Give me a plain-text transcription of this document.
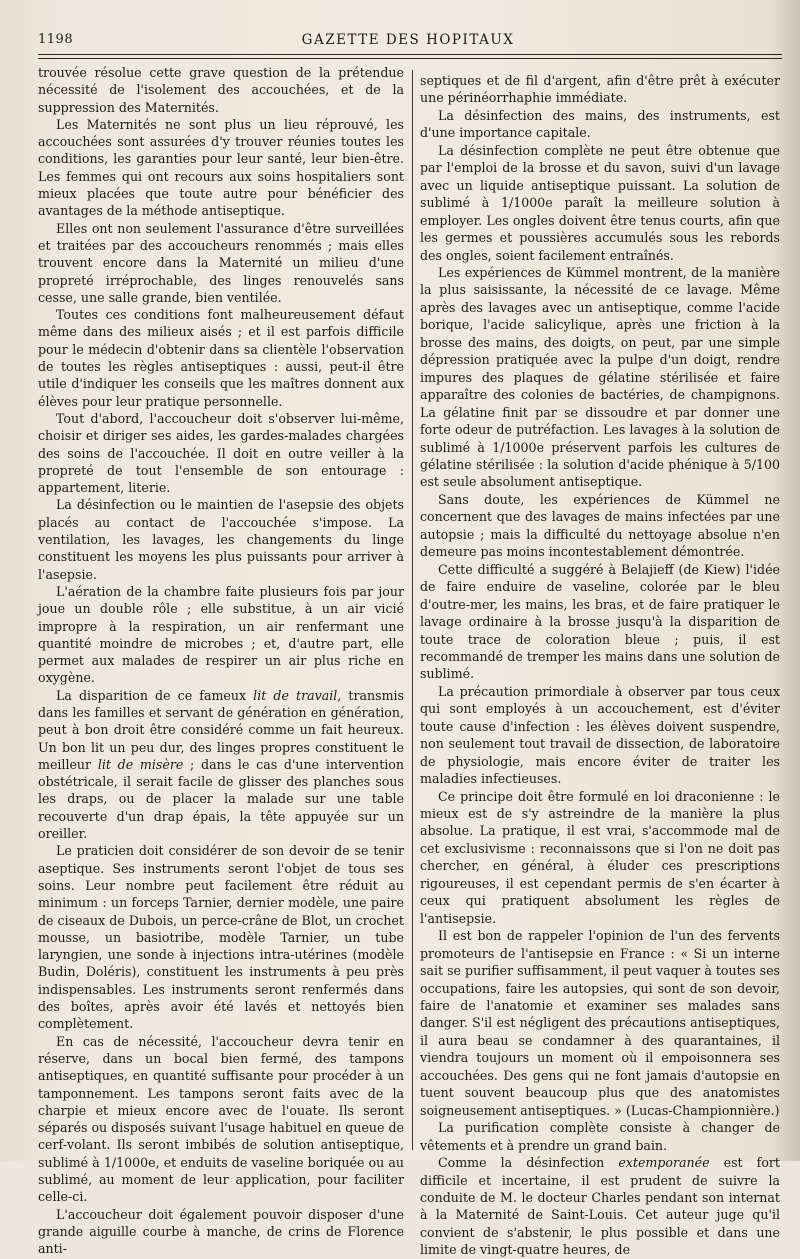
1198	GAZETTE DES HOPITAUX

trouvée résolue cette grave question de la prétendue nécessité de l'isolement des accouchées, et de la suppression des Maternités.

Les Maternités ne sont plus un lieu réprouvé, les accouchées sont assurées d'y trouver réunies toutes les conditions, les garanties pour leur santé, leur bien-être. Les femmes qui ont recours aux soins hospitaliers sont mieux placées que toute autre pour bénéficier des avantages de la méthode antiseptique.

Elles ont non seulement l'assurance d'être surveillées et traitées par des accoucheurs renommés ; mais elles trouvent encore dans la Maternité un milieu d'une propreté irréprochable, des linges renouvelés sans cesse, une salle grande, bien ventilée.

Toutes ces conditions font malheureusement défaut même dans des milieux aisés ; et il est parfois difficile pour le médecin d'obtenir dans sa clientèle l'observation de toutes les règles antiseptiques : aussi, peut-il être utile d'indiquer les conseils que les maîtres donnent aux élèves pour leur pratique personnelle.

Tout d'abord, l'accoucheur doit s'observer lui-même, choisir et diriger ses aides, les gardes-malades chargées des soins de l'accouchée. Il doit en outre veiller à la propreté de tout l'ensemble de son entourage : appartement, literie.

La désinfection ou le maintien de l'asepsie des objets placés au contact de l'accouchée s'impose. La ventilation, les lavages, les changements du linge constituent les moyens les plus puissants pour arriver à l'asepsie.

L'aération de la chambre faite plusieurs fois par jour joue un double rôle ; elle substitue, à un air vicié impropre à la respiration, un air renfermant une quantité moindre de microbes ; et, d'autre part, elle permet aux malades de respirer un air plus riche en oxygène.

La disparition de ce fameux lit de travail, transmis dans les familles et servant de génération en génération, peut à bon droit être considéré comme un fait heureux. Un bon lit un peu dur, des linges propres constituent le meilleur lit de misère ; dans le cas d'une intervention obstétricale, il serait facile de glisser des planches sous les draps, ou de placer la malade sur une table recouverte d'un drap épais, la tête appuyée sur un oreiller.

Le praticien doit considérer de son devoir de se tenir aseptique. Ses instruments seront l'objet de tous ses soins. Leur nombre peut facilement être réduit au minimum : un forceps Tarnier, dernier modèle, une paire de ciseaux de Dubois, un perce-crâne de Blot, un crochet mousse, un basiotribe, modèle Tarnier, un tube laryngien, une sonde à injections intra-utérines (modèle Budin, Doléris), constituent les instruments à peu près indispensables. Les instruments seront renfermés dans des boîtes, après avoir été lavés et nettoyés bien complètement.

En cas de nécessité, l'accoucheur devra tenir en réserve, dans un bocal bien fermé, des tampons antiseptiques, en quantité suffisante pour procéder à un tamponnement. Les tampons seront faits avec de la charpie et mieux encore avec de l'ouate. Ils seront séparés ou disposés suivant l'usage habituel en queue de cerf-volant. Ils seront imbibés de solution antiseptique, sublimé à 1/1000e, et enduits de vaseline boriquée ou au sublimé, au moment de leur application, pour faciliter celle-ci.

L'accoucheur doit également pouvoir disposer d'une grande aiguille courbe à manche, de crins de Florence anti-

septiques et de fil d'argent, afin d'être prêt à exécuter une périnéorrhaphie immédiate.

La désinfection des mains, des instruments, est d'une importance capitale.

La désinfection complète ne peut être obtenue que par l'emploi de la brosse et du savon, suivi d'un lavage avec un liquide antiseptique puissant. La solution de sublimé à 1/1000e paraît la meilleure solution à employer. Les ongles doivent être tenus courts, afin que les germes et poussières accumulés sous les rebords des ongles, soient facilement entraînés.

Les expériences de Kümmel montrent, de la manière la plus saisissante, la nécessité de ce lavage. Même après des lavages avec un antiseptique, comme l'acide borique, l'acide salicylique, après une friction à la brosse des mains, des doigts, on peut, par une simple dépression pratiquée avec la pulpe d'un doigt, rendre impures des plaques de gélatine stérilisée et faire apparaître des colonies de bactéries, de champignons. La gélatine finit par se dissoudre et par donner une forte odeur de putréfaction. Les lavages à la solution de sublimé à 1/1000e préservent parfois les cultures de gélatine stérilisée : la solution d'acide phénique à 5/100 est seule absolument antiseptique.

Sans doute, les expériences de Kümmel ne concernent que des lavages de mains infectées par une autopsie ; mais la difficulté du nettoyage absolue n'en demeure pas moins incontestablement démontrée.

Cette difficulté a suggéré à Belajieff (de Kiew) l'idée de faire enduire de vaseline, colorée par le bleu d'outre-mer, les mains, les bras, et de faire pratiquer le lavage ordinaire à la brosse jusqu'à la disparition de toute trace de coloration bleue ; puis, il est recommandé de tremper les mains dans une solution de sublimé.

La précaution primordiale à observer par tous ceux qui sont employés à un accouchement, est d'éviter toute cause d'infection : les élèves doivent suspendre, non seulement tout travail de dissection, de laboratoire de physiologie, mais encore éviter de traiter les maladies infectieuses.

Ce principe doit être formulé en loi draconienne : le mieux est de s'y astreindre de la manière la plus absolue. La pratique, il est vrai, s'accommode mal de cet exclusivisme : reconnaissons que si l'on ne doit pas chercher, en général, à éluder ces prescriptions rigoureuses, il est cependant permis de s'en écarter à ceux qui pratiquent absolument les règles de l'antisepsie.

Il est bon de rappeler l'opinion de l'un des fervents promoteurs de l'antisepsie en France : « Si un interne sait se purifier suffisamment, il peut vaquer à toutes ses occupations, faire les autopsies, qui sont de son devoir, faire de l'anatomie et examiner ses malades sans danger. S'il est négligent des précautions antiseptiques, il aura beau se condamner à des quarantaines, il viendra toujours un moment où il empoisonnera ses accouchées. Des gens qui ne font jamais d'autopsie en tuent souvent beaucoup plus que des anatomistes soigneusement antiseptiques. » (Lucas-Championnière.)

La purification complète consiste à changer de vêtements et à prendre un grand bain.

Comme la désinfection extemporanée est fort difficile et incertaine, il est prudent de suivre la conduite de M. le docteur Charles pendant son internat à la Maternité de Saint-Louis. Cet auteur juge qu'il convient de s'abstenir, le plus possible et dans une limite de vingt-quatre heures, de
